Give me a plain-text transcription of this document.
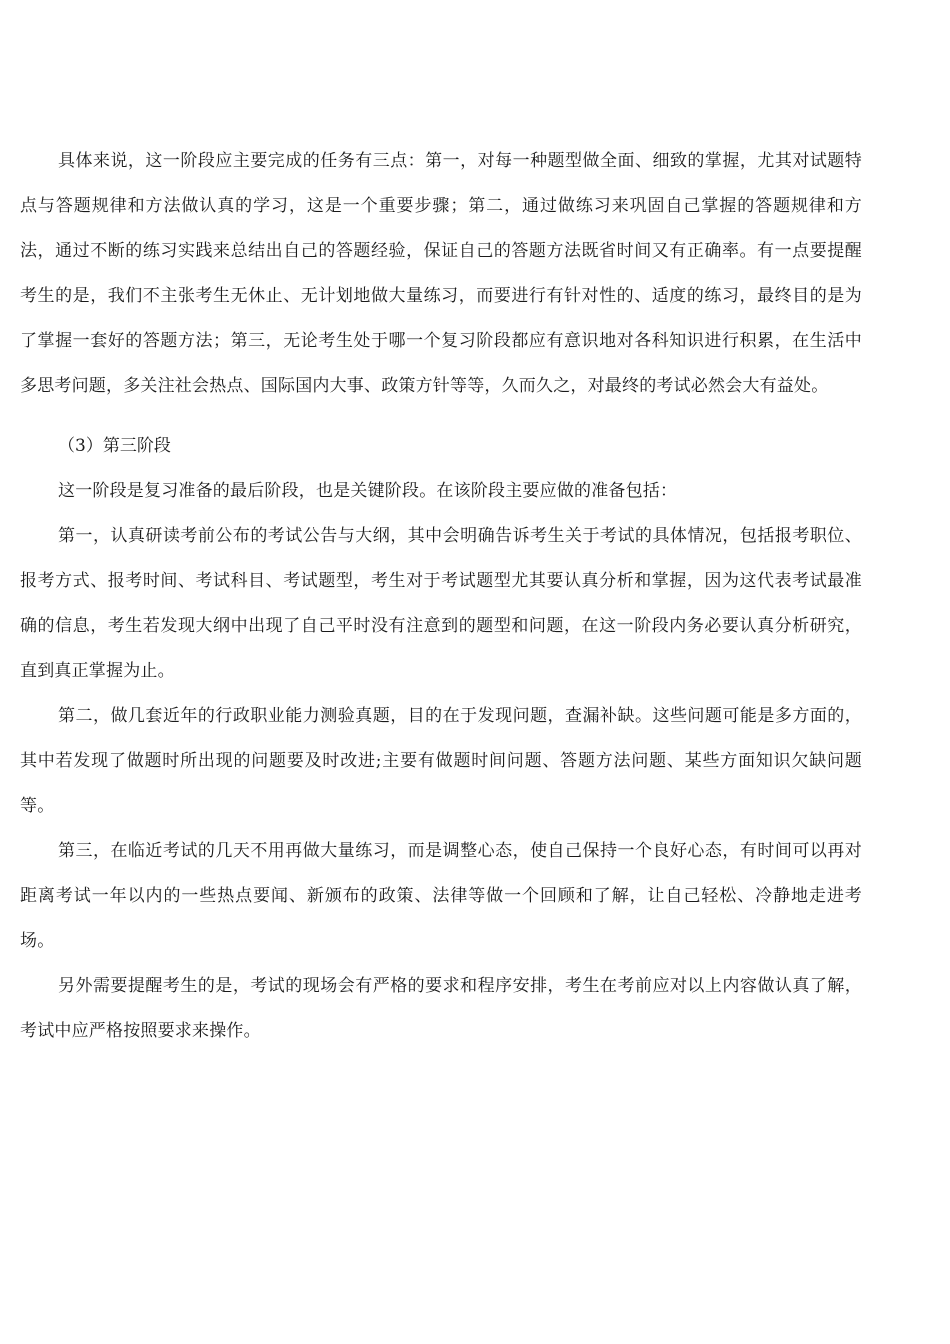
具体来说，这一阶段应主要完成的任务有三点：第一，对每一种题型做全面、细致的掌握，尤其对试题特点与答题规律和方法做认真的学习，这是一个重要步骤；第二，通过做练习来巩固自己掌握的答题规律和方法，通过不断的练习实践来总结出自己的答题经验，保证自己的答题方法既省时间又有正确率。有一点要提醒考生的是，我们不主张考生无休止、无计划地做大量练习，而要进行有针对性的、适度的练习，最终目的是为了掌握一套好的答题方法；第三，无论考生处于哪一个复习阶段都应有意识地对各科知识进行积累，在生活中多思考问题，多关注社会热点、国际国内大事、政策方针等等，久而久之，对最终的考试必然会大有益处。

（3）第三阶段

这一阶段是复习准备的最后阶段，也是关键阶段。在该阶段主要应做的准备包括：

第一，认真研读考前公布的考试公告与大纲，其中会明确告诉考生关于考试的具体情况，包括报考职位、报考方式、报考时间、考试科目、考试题型，考生对于考试题型尤其要认真分析和掌握，因为这代表考试最准确的信息，考生若发现大纲中出现了自己平时没有注意到的题型和问题，在这一阶段内务必要认真分析研究，直到真正掌握为止。

第二，做几套近年的行政职业能力测验真题，目的在于发现问题，查漏补缺。这些问题可能是多方面的，其中若发现了做题时所出现的问题要及时改进;主要有做题时间问题、答题方法问题、某些方面知识欠缺问题等。

第三，在临近考试的几天不用再做大量练习，而是调整心态，使自己保持一个良好心态，有时间可以再对距离考试一年以内的一些热点要闻、新颁布的政策、法律等做一个回顾和了解，让自己轻松、冷静地走进考场。

另外需要提醒考生的是，考试的现场会有严格的要求和程序安排，考生在考前应对以上内容做认真了解，考试中应严格按照要求来操作。
